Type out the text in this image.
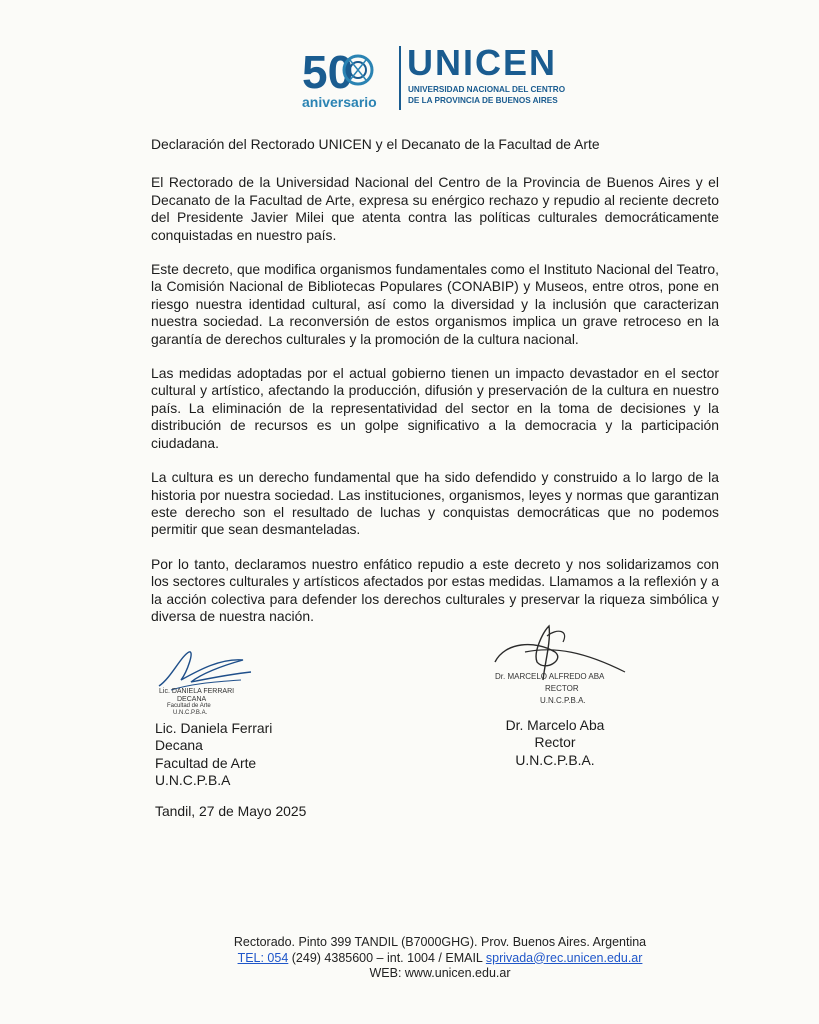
50
aniversario
UNICEN
UNIVERSIDAD NACIONAL DEL CENTRO
DE LA PROVINCIA DE BUENOS AIRES

Declaración del Rectorado UNICEN y el Decanato de la Facultad de Arte

El Rectorado de la Universidad Nacional del Centro de la Provincia de Buenos Aires y el Decanato de la Facultad de Arte, expresa su enérgico rechazo y repudio al reciente decreto del Presidente Javier Milei que atenta contra las políticas culturales democráticamente conquistadas en nuestro país.

Este decreto, que modifica organismos fundamentales como el Instituto Nacional del Teatro, la Comisión Nacional de Bibliotecas Populares (CONABIP) y Museos, entre otros, pone en riesgo nuestra identidad cultural, así como la diversidad y la inclusión que caracterizan nuestra sociedad. La reconversión de estos organismos implica un grave retroceso en la garantía de derechos culturales y la promoción de la cultura nacional.

Las medidas adoptadas por el actual gobierno tienen un impacto devastador en el sector cultural y artístico, afectando la producción, difusión y preservación de la cultura en nuestro país. La eliminación de la representatividad del sector en la toma de decisiones y la distribución de recursos es un golpe significativo a la democracia y la participación ciudadana.

La cultura es un derecho fundamental que ha sido defendido y construido a lo largo de la historia por nuestra sociedad. Las instituciones, organismos, leyes y normas que garantizan este derecho son el resultado de luchas y conquistas democráticas que no podemos permitir que sean desmanteladas.

Por lo tanto, declaramos nuestro enfático repudio a este decreto y nos solidarizamos con los sectores culturales y artísticos afectados por estas medidas. Llamamos a la reflexión y a la acción colectiva para defender los derechos culturales y preservar la riqueza simbólica y diversa de nuestra nación.

Lic. DANIELA FERRARI
DECANA
Facultad de Arte
U.N.C.P.B.A.
Dr. MARCELO ALFREDO ABA
RECTOR
U.N.C.P.B.A.
Lic. Daniela Ferrari
Decana
Facultad de Arte
U.N.C.P.B.A
Dr. Marcelo Aba
Rector
U.N.C.P.B.A.
Tandil, 27 de Mayo 2025
Rectorado. Pinto 399 TANDIL (B7000GHG). Prov. Buenos Aires. Argentina
TEL: 054 (249) 4385600 – int. 1004 / EMAIL sprivada@rec.unicen.edu.ar
WEB: www.unicen.edu.ar
